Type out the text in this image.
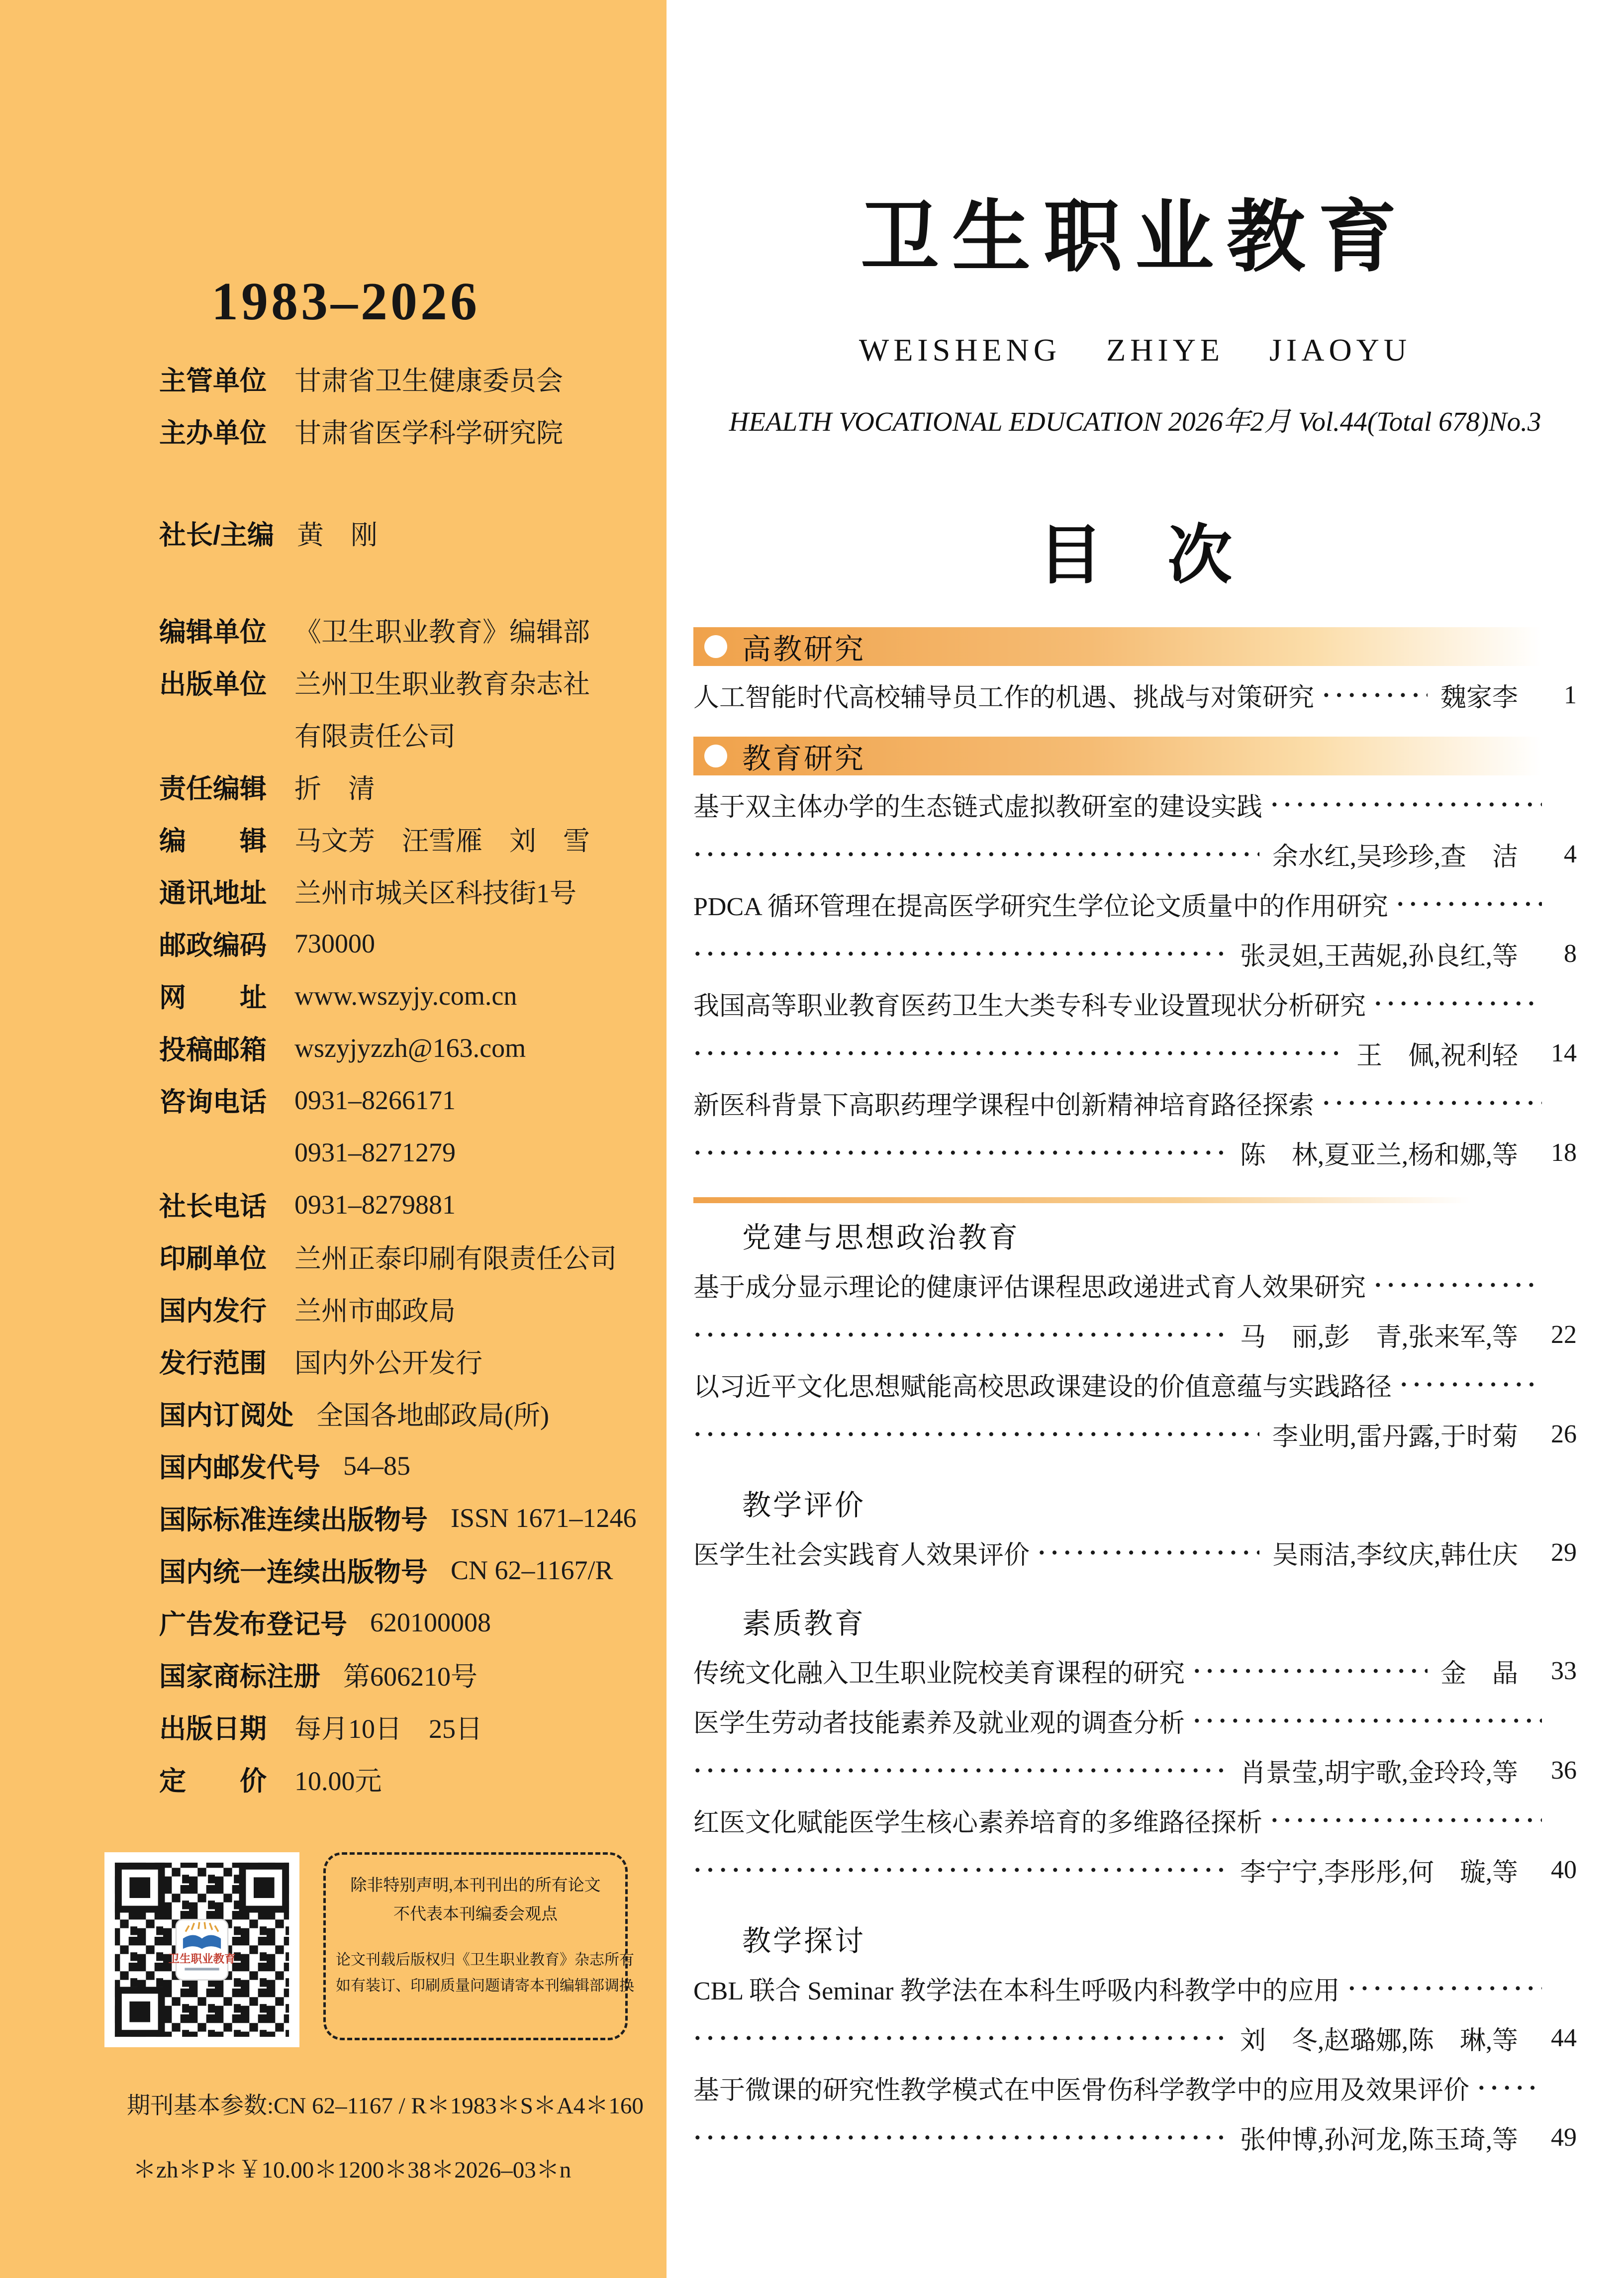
1983–2026
主管单位 甘肃省卫生健康委员会
主办单位 甘肃省医学科学研究院
社长/主编 黄　刚
编辑单位 《卫生职业教育》编辑部
出版单位 兰州卫生职业教育杂志社
有限责任公司
责任编辑 折　清
编　　辑 马文芳　汪雪雁　刘　雪
通讯地址 兰州市城关区科技街1号
邮政编码 730000
网　　址 www.wszyjy.com.cn
投稿邮箱 wszyjyzzh@163.com
咨询电话 0931–8266171
0931–8271279
社长电话 0931–8279881
印刷单位 兰州正泰印刷有限责任公司
国内发行 兰州市邮政局
发行范围 国内外公开发行
国内订阅处 全国各地邮政局(所)
国内邮发代号 54–85
国际标准连续出版物号 ISSN 1671–1246
国内统一连续出版物号 CN 62–1167/R
广告发布登记号 620100008
国家商标注册 第606210号
出版日期 每月10日　25日
定　　价 10.00元
卫生职业教育
除非特别声明,本刊刊出的所有论文
不代表本刊编委会观点
论文刊载后版权归《卫生职业教育》杂志所有
如有装订、印刷质量问题请寄本刊编辑部调换
期刊基本参数:CN 62–1167 / R＊1983＊S＊A4＊160
＊zh＊P＊￥10.00＊1200＊38＊2026–03＊n
卫生职业教育
WEISHENG ZHIYE JIAOYU
HEALTH VOCATIONAL EDUCATION 2026年2月 Vol.44(Total 678)No.3
目　次
高教研究
人工智能时代高校辅导员工作的机遇、挑战与对策研究 ·····	魏家李	1
教育研究
基于双主体办学的生态链式虚拟教研室的建设实践
·····
·····
余水红,吴珍珍,查　洁	4
PDCA 循环管理在提高医学研究生学位论文质量中的作用研究
·····
·····
张灵妲,王茜妮,孙良红,等	8
我国高等职业教育医药卫生大类专科专业设置现状分析研究
·····
·····
王　佩,祝利轻	14
新医科背景下高职药理学课程中创新精神培育路径探索
·····
·····
陈　林,夏亚兰,杨和娜,等	18
党建与思想政治教育
基于成分显示理论的健康评估课程思政递进式育人效果研究
·····
·····
马　丽,彭　青,张来军,等	22
以习近平文化思想赋能高校思政课建设的价值意蕴与实践路径
·····
·····
李业明,雷丹露,于时菊	26
教学评价
医学生社会实践育人效果评价 ·····	吴雨洁,李纹庆,韩仕庆	29
素质教育
传统文化融入卫生职业院校美育课程的研究 ·····	金　晶	33
医学生劳动者技能素养及就业观的调查分析
·····
·····
肖景莹,胡宇歌,金玲玲,等	36
红医文化赋能医学生核心素养培育的多维路径探析
·····
·····
李宁宁,李彤彤,何　璇,等	40
教学探讨
CBL 联合 Seminar 教学法在本科生呼吸内科教学中的应用
·····
·····
刘　冬,赵璐娜,陈　琳,等	44
基于微课的研究性教学模式在中医骨伤科学教学中的应用及效果评价
·····
·····
张仲博,孙河龙,陈玉琦,等	49
